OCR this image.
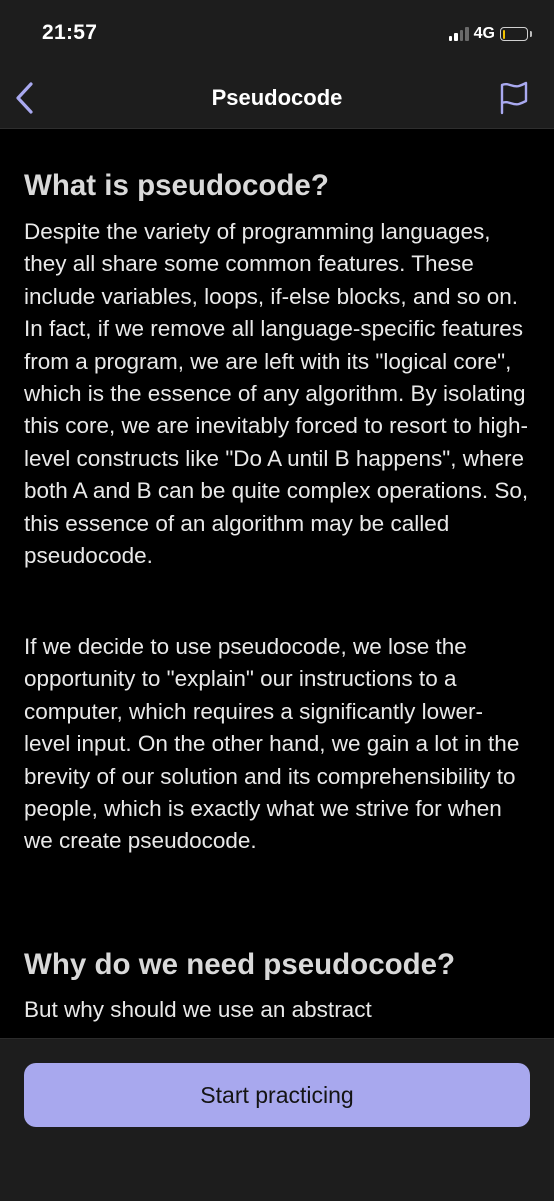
21:57	4G
Pseudocode
What is pseudocode?

Despite the variety of programming languages, they all share some common features. These include variables, loops, if-else blocks, and so on. In fact, if we remove all language-specific features from a program, we are left with its "logical core", which is the essence of any algorithm. By isolating this core, we are inevitably forced to resort to high-level constructs like "Do A until B happens", where both A and B can be quite complex operations. So, this essence of an algorithm may be called pseudocode.

If we decide to use pseudocode, we lose the opportunity to "explain" our instructions to a computer, which requires a significantly lower-level input. On the other hand, we gain a lot in the brevity of our solution and its comprehensibility to people, which is exactly what we strive for when we create pseudocode.

Why do we need pseudocode?

But why should we use an abstract

Start practicing
